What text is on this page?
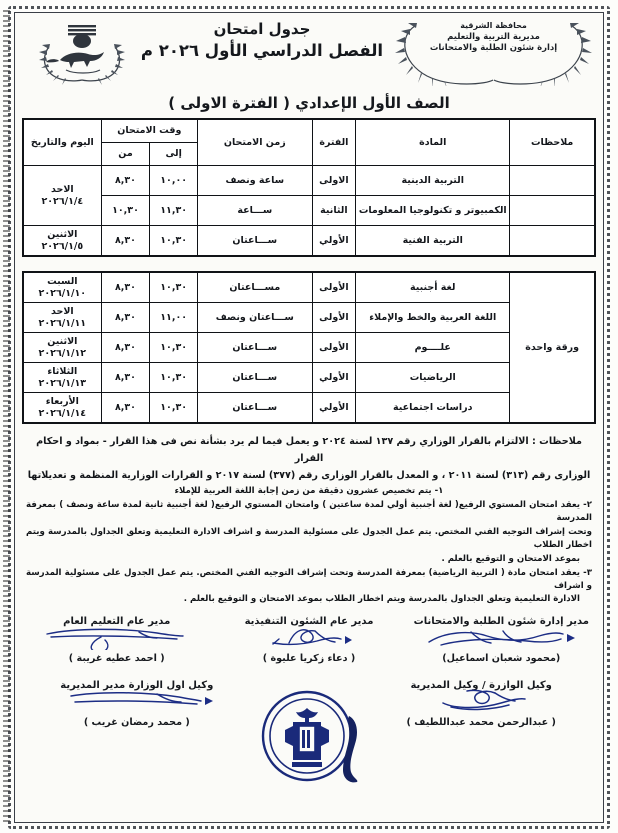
جدول امتحان
الفصل الدراسي الأول ٢٠٢٦ م
محافظة الشرقية
مديرية التربية والتعليم
إدارة شئون الطلبة والامتحانات
الصف الأول الإعدادي ( الفترة الاولى )
ملاحظات	المادة	الفترة	زمن الامتحان	وقت الامتحان		اليوم والتاريخ
				إلى	من	
	التربية الدينية	الاولى	ساعة ونصف	١٠,٠٠	٨,٣٠	الاحد
٢٠٢٦/١/٤

	الكمبيوتر و تكنولوجيا المعلومات	الثانية	ســـاعة	١١,٣٠	١٠,٣٠	
	التربية الفنية	الأولي	ســـاعتان	١٠,٣٠	٨,٣٠	الاثنين
٢٠٢٦/١/٥
ورقة واحدة	لغة أجنبية	الأولى	مســـاعتان	١٠,٣٠	٨,٣٠	السبت
٢٠٢٦/١/١٠

	اللغة العربية والخط والإملاء	الأولى	ســـاعتان ونصف	١١,٠٠	٨,٣٠	الاحد
٢٠٢٦/١/١١

	علــــوم	الأولى	ســـاعتان	١٠,٣٠	٨,٣٠	الاثنين
٢٠٢٦/١/١٢

	الرياضيات	الأولي	ســـاعتان	١٠,٣٠	٨,٣٠	الثلاثاء
٢٠٢٦/١/١٣

	دراسات اجتماعية	الأولي	ســـاعتان	١٠,٣٠	٨,٣٠	الأربعاء
٢٠٢٦/١/١٤
ملاحظات : الالتزام بالقرار الوزاري رقم ١٣٧ لسنة ٢٠٢٤ و يعمل فيما لم يرد بشأنة نص فى هذا القرار - بمواد و احكام القرار
الوزارى رقم (٣١٣) لسنة ٢٠١١ ، و المعدل بالقرار الوزارى رقم (٣٧٧) لسنة ٢٠١٧ و القرارات الوزارية المنظمة و تعديلاتها
١- يتم تخصيص عشرون دقيقة من زمن إجابة اللغة العربية للإملاء
٢- يعقد امتحان المستوي الرفيع( لغة أجنبية أولي لمدة ساعتين ) وامتحان المستوي الرفيع( لغة أجنبية ثانية لمدة ساعة ونصف ) بمعرفة المدرسة
وتحت إشراف التوجيه الفني المختص. يتم عمل الجدول على مسئولية المدرسة و اشراف الادارة التعليمية وتعلق الجداول بالمدرسة ويتم اخطار الطلاب
بموعد الامتحان و التوقيع بالعلم .
٣- يعقد امتحان مادة ( التربية الرياضية) بمعرفة المدرسة وتحت إشراف التوجيه الفني المختص. يتم عمل الجدول على مسئولية المدرسة و اشراف
الادارة التعليمية وتعلق الجداول بالمدرسة ويتم اخطار الطلاب بموعد الامتحان و التوقيع بالعلم .
مدير إدارة شئون الطلبة والامتحانات
(محمود شعبان اسماعيل)
مدير عام الشئون التنفيذية
( دعاء زكريا عليوة )
مدير عام التعليم العام
( احمد عطيه غريبة )
وكيل الوازرة / وكيل المديرية
( عبدالرحمن محمد عبداللطيف )
وكيل اول الوزارة مدير المديرية
( محمد رمضان غريب )
